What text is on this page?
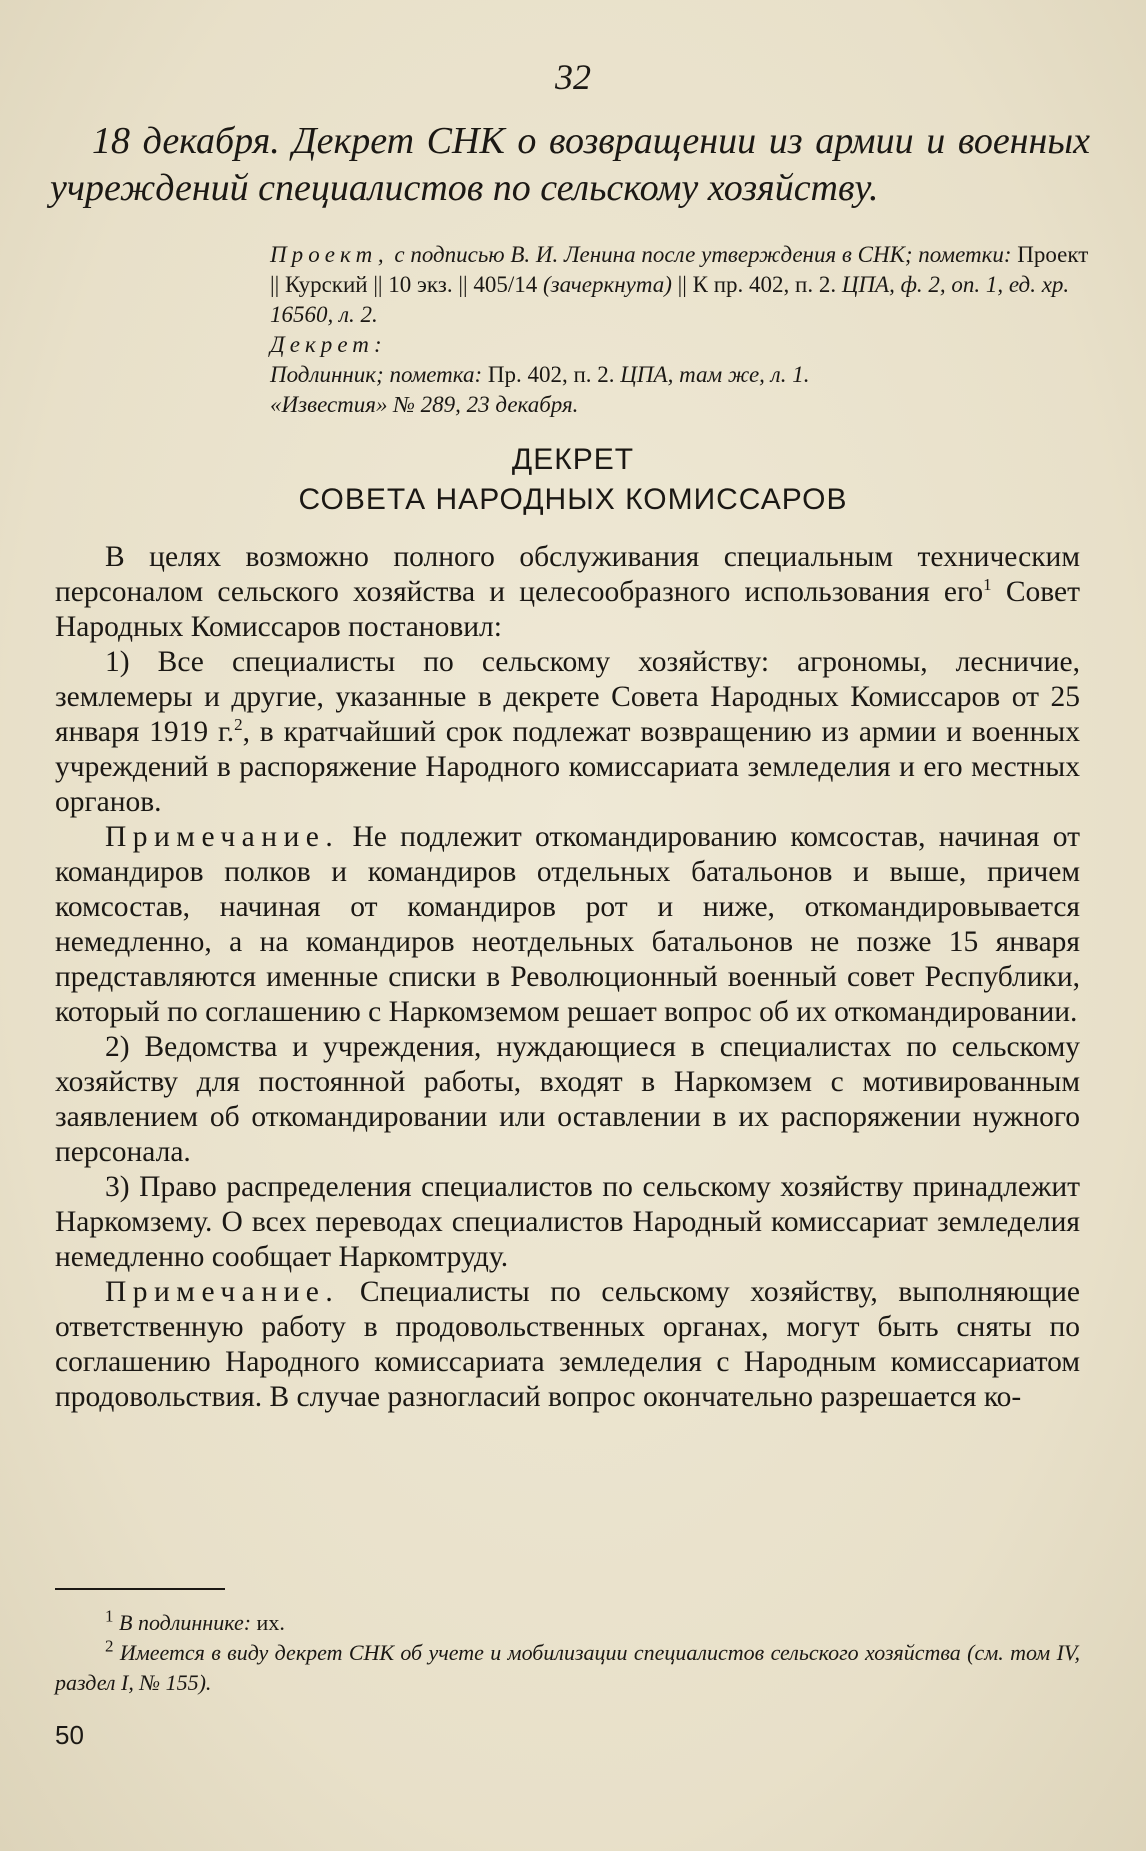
32
18 декабря. Декрет СНК о возвращении из армии и военных учреждений специалистов по сельскому хозяйству.
Проект, с подписью В. И. Ленина после утверждения в СНК; пометки: Проект || Курский || 10 экз. || 405/14 (зачеркнута) || К пр. 402, п. 2. ЦПА, ф. 2, оп. 1, ед. хр. 16560, л. 2.
Декрет:
Подлинник; пометка: Пр. 402, п. 2. ЦПА, там же, л. 1.
«Известия» № 289, 23 декабря.
ДЕКРЕТ
СОВЕТА НАРОДНЫХ КОМИССАРОВ

В целях возможно полного обслуживания специальным техническим персоналом сельского хозяйства и целесообразного использования его$^1$ Совет Народных Комиссаров постановил:

1) Все специалисты по сельскому хозяйству: агрономы, лесничие, землемеры и другие, указанные в декрете Совета Народных Комиссаров от 25 января 1919 г.$^2$, в кратчайший срок подлежат возвращению из армии и военных учреждений в распоряжение Народного комиссариата земледелия и его местных органов.

Примечание. Не подлежит откомандированию комсостав, начиная от командиров полков и командиров отдельных батальонов и выше, причем комсостав, начиная от командиров рот и ниже, откомандировывается немедленно, а на командиров неотдельных батальонов не позже 15 января представляются именные списки в Революционный военный совет Республики, который по соглашению с Наркомземом решает вопрос об их откомандировании.

2) Ведомства и учреждения, нуждающиеся в специалистах по сельскому хозяйству для постоянной работы, входят в Наркомзем с мотивированным заявлением об откомандировании или оставлении в их распоряжении нужного персонала.

3) Право распределения специалистов по сельскому хозяйству принадлежит Наркомзему. О всех переводах специалистов Народный комиссариат земледелия немедленно сообщает Наркомтруду.

Примечание. Специалисты по сельскому хозяйству, выполняющие ответственную работу в продовольственных органах, могут быть сняты по соглашению Народного комиссариата земледелия с Народным комиссариатом продовольствия. В случае разногласий вопрос окончательно разрешается ко-

$^1$ В подлиннике: их.
$^2$ Имеется в виду декрет СНК об учете и мобилизации специалистов сельского хозяйства (см. том IV, раздел I, № 155).
50
